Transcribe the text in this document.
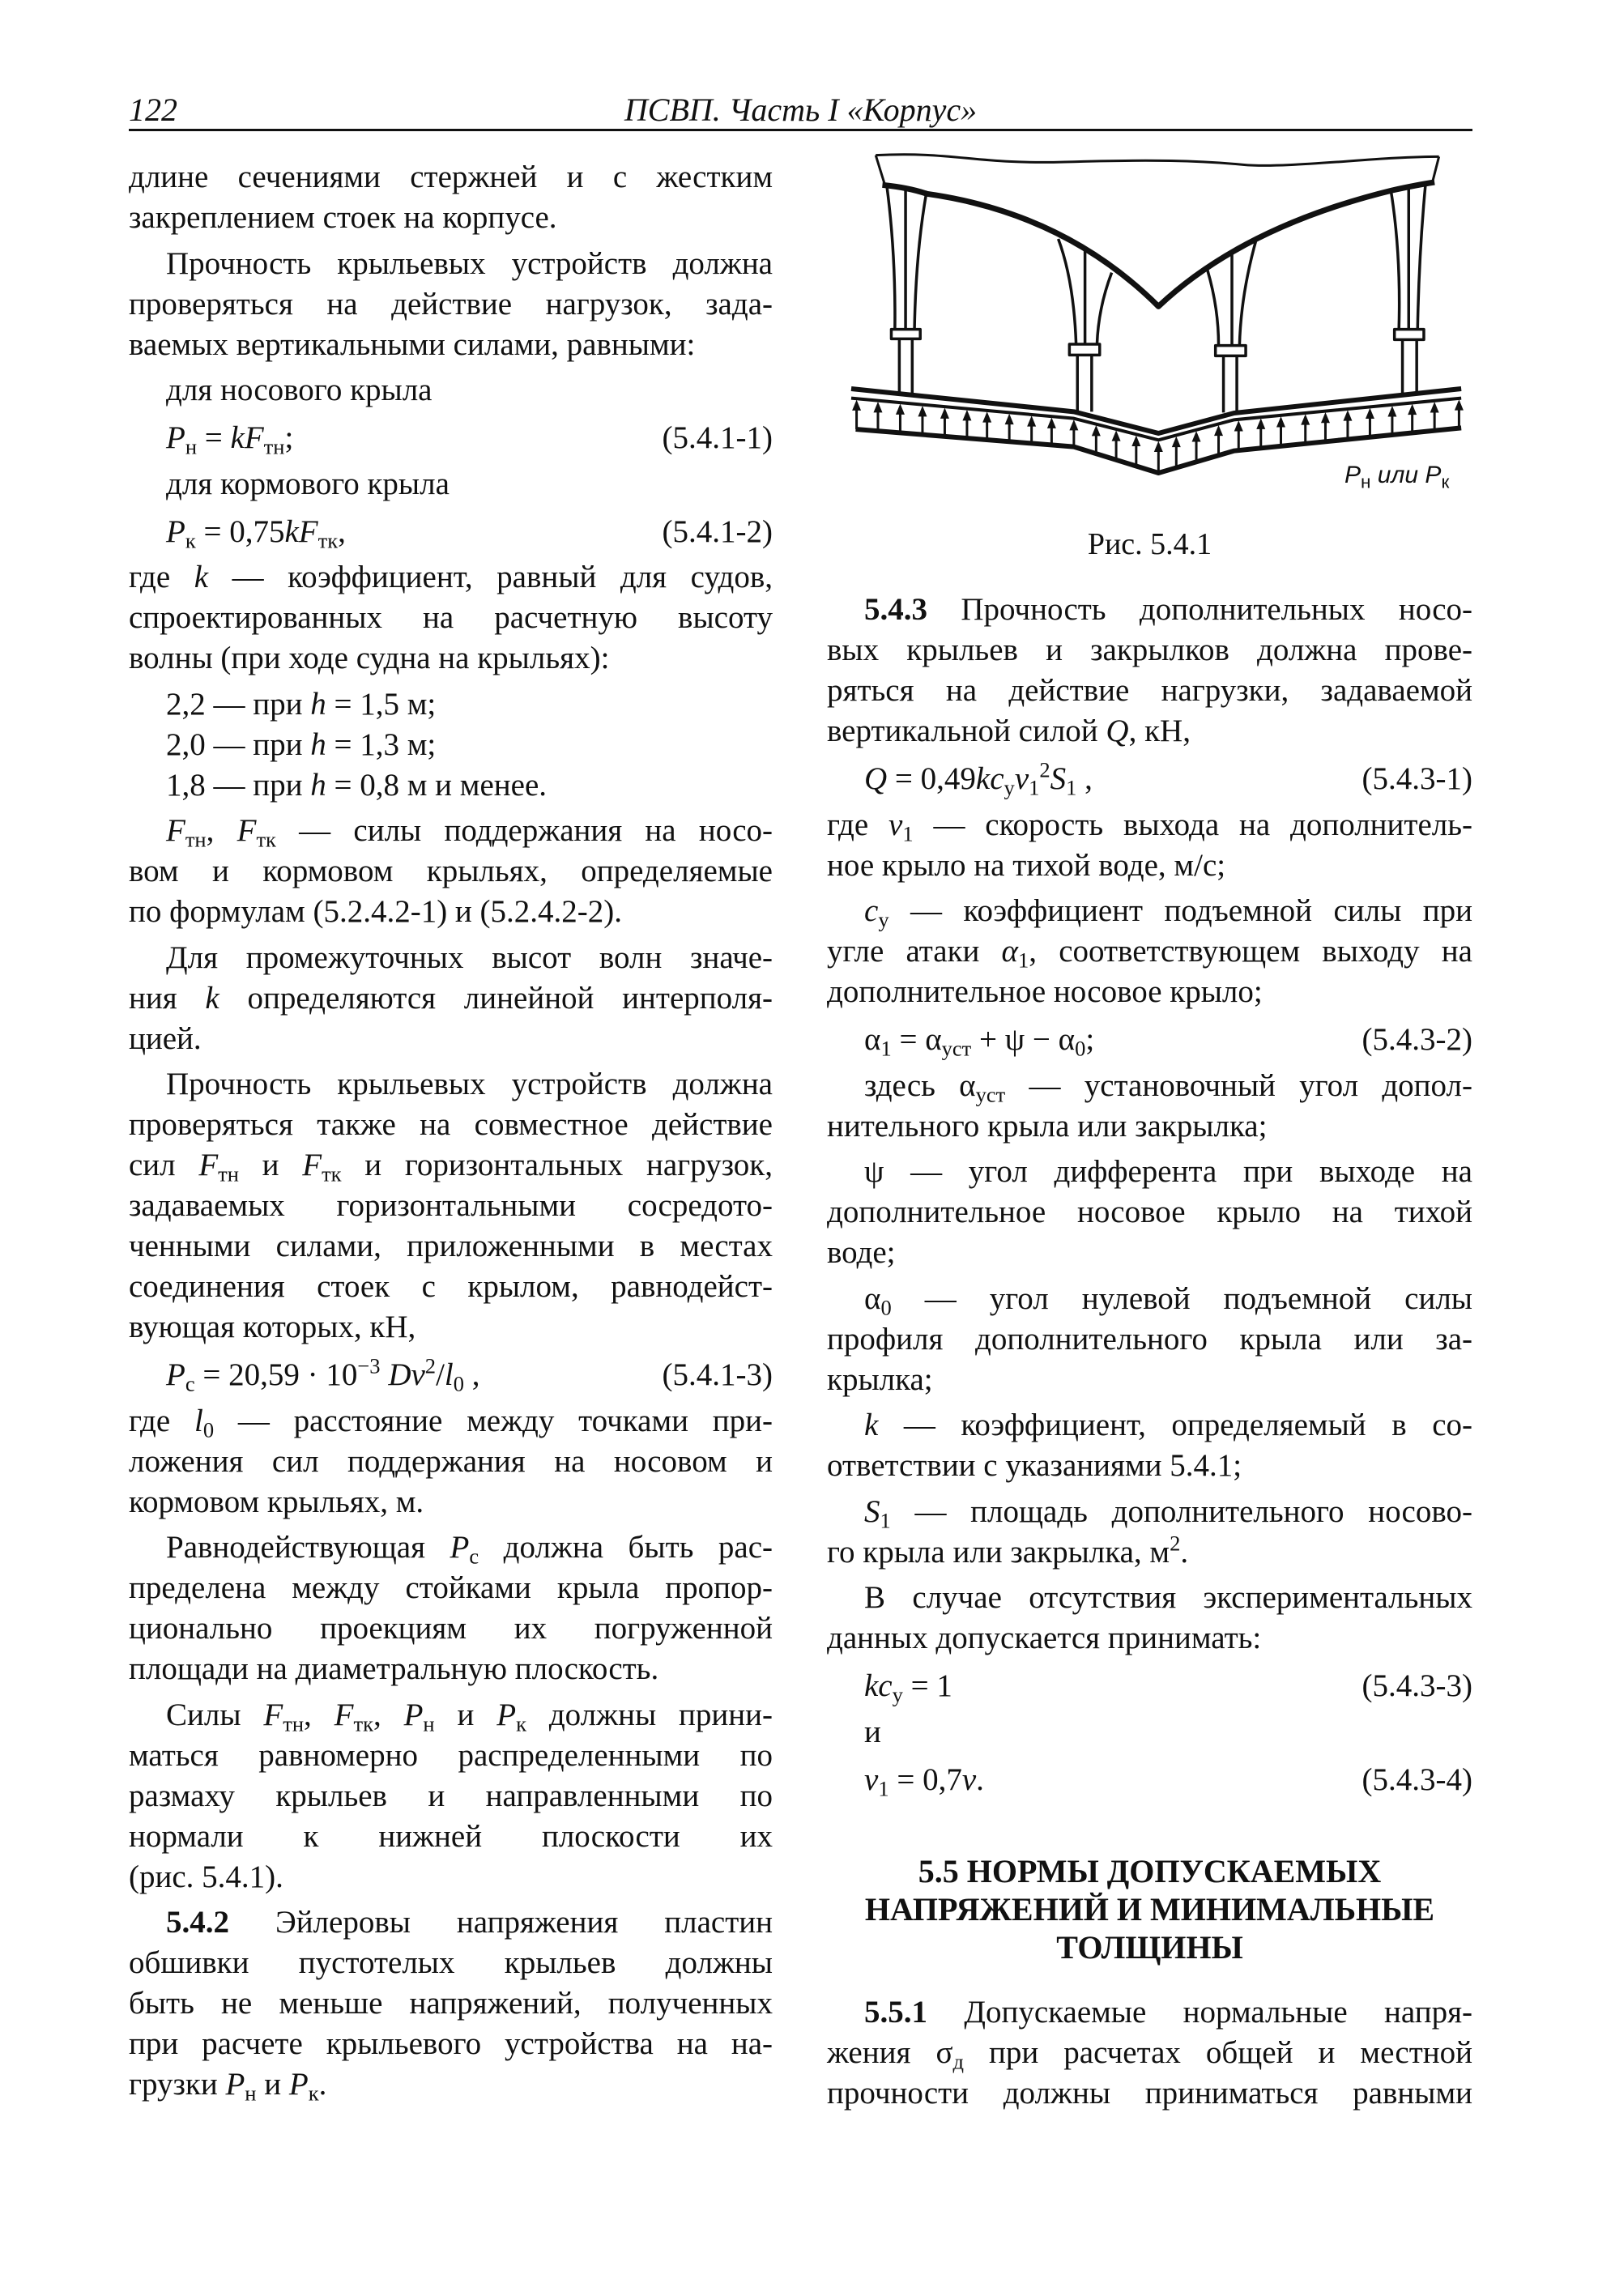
122	ПСВП. Часть I «Корпус»
длине сечениями стержней и с жестким
закреплением стоек на корпусе.
Прочность крыльевых устройств должна
проверяться на действие нагрузок, зада-
ваемых вертикальными силами, равными:
для носового крыла
$P_н = kF_{тн}$;	(5.4.1-1)
для кормового крыла
$P_к = 0,75kF_{тк}$,	(5.4.1-2)
где k — коэффициент, равный для судов,
спроектированных на расчетную высоту
волны (при ходе судна на крыльях):
2,2 — при h = 1,5 м;
2,0 — при h = 1,3 м;
1,8 — при h = 0,8 м и менее.
$F_{тн}$, $F_{тк}$ — силы поддержания на носо-
вом и кормовом крыльях, определяемые
по формулам (5.2.4.2-1) и (5.2.4.2-2).
Для промежуточных высот волн значе-
ния k определяются линейной интерполя-
цией.
Прочность крыльевых устройств должна
проверяться также на совместное действие
сил $F_{тн}$ и $F_{тк}$ и горизонтальных нагрузок,
задаваемых горизонтальными сосредото-
ченными силами, приложенными в местах
соединения стоек с крылом, равнодейст-
вующая которых, кН,
$P_с = 20,59 \cdot 10^{-3}$ $Dv^2/l_0$ ,	(5.4.1-3)
где $l_0$ — расстояние между точками при-
ложения сил поддержания на носовом и
кормовом крыльях, м.
Равнодействующая $P_с$ должна быть рас-
пределена между стойками крыла пропор-
ционально проекциям их погруженной
площади на диаметральную плоскость.
Силы $F_{тн}$, $F_{тк}$, $P_н$ и $P_к$ должны прини-
маться равномерно распределенными по
размаху крыльев и направленными по
нормали к нижней плоскости их
(рис. 5.4.1).
5.4.2 Эйлеровы напряжения пластин
обшивки пустотелых крыльев должны
быть не меньше напряжений, полученных
при расчете крыльевого устройства на на-
грузки $P_н$ и $P_к$.
$P_н$ или $P_к$
Рис. 5.4.1
5.4.3 Прочность дополнительных носо-
вых крыльев и закрылков должна прове-
ряться на действие нагрузки, задаваемой
вертикальной силой Q, кН,
$Q = 0,49kc_yv_1^2S_1$ ,	(5.4.3-1)
где $v_1$ — скорость выхода на дополнитель-
ное крыло на тихой воде, м/с;
$c_y$ — коэффициент подъемной силы при
угле атаки $\alpha_1$, соответствующем выходу на
дополнительное носовое крыло;
$\alpha_1 = \alpha_{уст} + \psi - \alpha_0$;	(5.4.3-2)
здесь $\alpha_{уст}$ — установочный угол допол-
нительного крыла или закрылка;
ψ — угол дифферента при выходе на
дополнительное носовое крыло на тихой
воде;
$\alpha_0$ — угол нулевой подъемной силы
профиля дополнительного крыла или за-
крылка;
k — коэффициент, определяемый в со-
ответствии с указаниями 5.4.1;
$S_1$ — площадь дополнительного носово-
го крыла или закрылка, $м^2$.
В случае отсутствия экспериментальных
данных допускается принимать:
$kc_y = 1$	(5.4.3-3)
и
$v_1 = 0,7v$.	(5.4.3-4)
5.5 НОРМЫ ДОПУСКАЕМЫХ
НАПРЯЖЕНИЙ И МИНИМАЛЬНЫЕ
ТОЛЩИНЫ
5.5.1 Допускаемые нормальные напря-
жения $\sigma_д$ при расчетах общей и местной
прочности должны приниматься равными
